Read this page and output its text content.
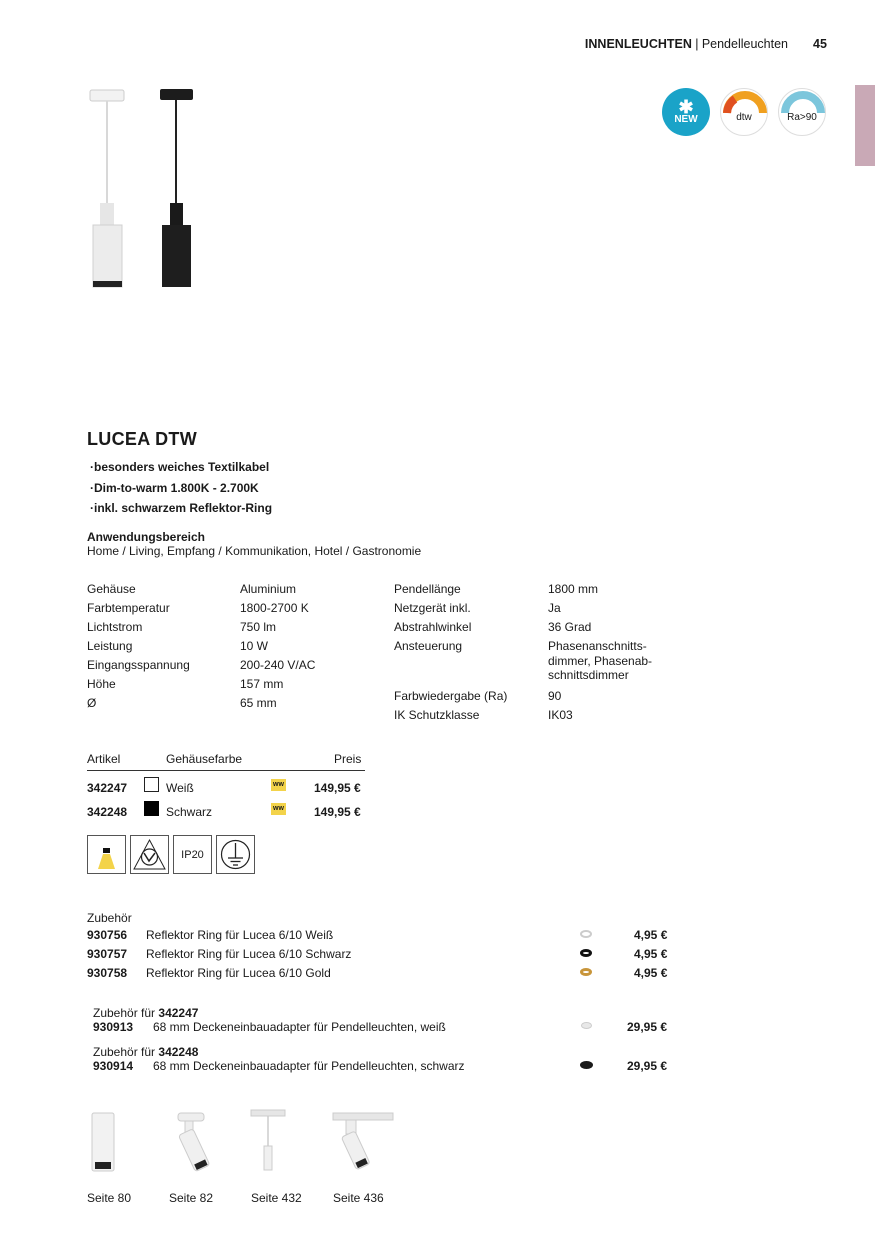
INNENLEUCHTEN | Pendelleuchten 45
✱
NEW	dtw	Ra>90
LUCEA DTW
·besonders weiches Textilkabel
·Dim-to-warm 1.800K - 2.700K
·inkl. schwarzem Reflektor-Ring
Anwendungsbereich
Home / Living, Empfang / Kommunikation, Hotel / Gastronomie
Gehäuse	Aluminium
Farbtemperatur	1800-2700 K
Lichtstrom	750 lm
Leistung	10 W
Eingangsspannung	200-240 V/AC
Höhe	157 mm
Ø	65 mm
Pendellänge	1800 mm
Netzgerät inkl.	Ja
Abstrahlwinkel	36 Grad
Ansteuerung	Phasenanschnitts-
dimmer, Phasenab-
schnittsdimmer
Farbwiedergabe (Ra)	90
IK Schutzklasse	IK03
Artikel	Gehäusefarbe	Preis
342247	Weiß	ww	149,95 €
342248	Schwarz	ww	149,95 €
IP20
Zubehör
930756 Reflektor Ring für Lucea 6/10 Weiß	4,95 €
930757 Reflektor Ring für Lucea 6/10 Schwarz	4,95 €
930758 Reflektor Ring für Lucea 6/10 Gold	4,95 €
Zubehör für 342247
930913 68 mm Deckeneinbauadapter für Pendelleuchten, weiß	29,95 €
Zubehör für 342248
930914 68 mm Deckeneinbauadapter für Pendelleuchten, schwarz	29,95 €
Seite 80	Seite 82	Seite 432	Seite 436
